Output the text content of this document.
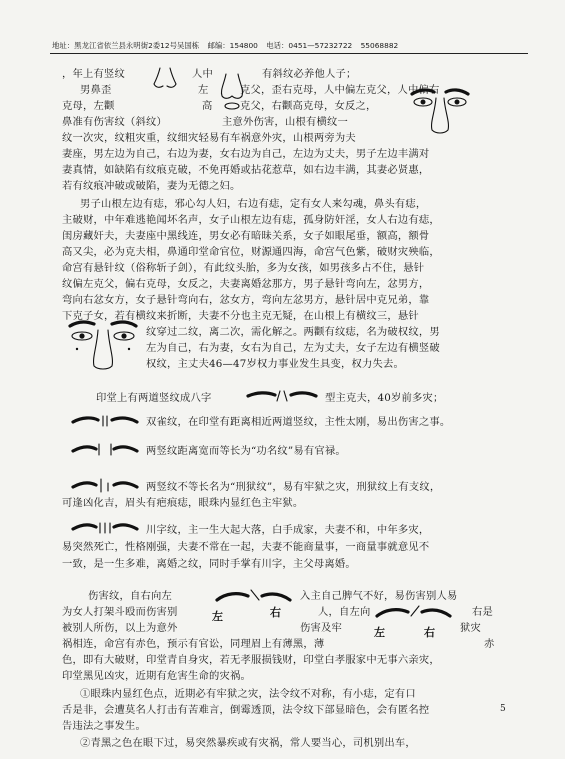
地址：黑龙江省依兰县永明街2委12号吴国栋 邮编：154800 电话：0451—57232722 55068882
，年上有竖纹	人中	有斜纹必养他人子；
男鼻歪	左	克父，歪右克母，人中偏左克父，人中偏右
克母，左颧	高	克父，右颧高克母，女反之，
鼻准有伤害纹（斜纹）	主意外伤害，山根有横纹一
纹一次灾，纹粗灾重，纹细灾轻易有车祸意外灾，山根两旁为夫
妻座，男左边为自己，右边为妻，女右边为自己，左边为丈夫，男子左边丰满对
妻真情，如缺陷有纹痕克破，不免再婚或拈花惹草，如右边丰满，其妻必贤惠，
若有纹痕冲破或破陷，妻为无德之妇。
男子山根左边有痣，邪心勾人妇，右边有痣，定有女人来勾魂，鼻头有痣，
主破财，中年难逃艳闻坏名声，女子山根左边有痣，孤身防奸淫，女人右边有痣，
闺房藏奸夫，夫妻座中黑线连，男女必有暗昧关系，女子如眼尾垂，额高，额骨
高又尖，必为克夫相，鼻通印堂命官位，财源通四海，命宫气色紫，破财灾殃临，
命宫有悬针纹（俗称斩子剑），有此纹头胎，多为女孩，如男孩多占不住，悬针
纹偏左克父，偏右克母，女反之，夫妻离婚忿那方，男子悬针弯向左，忿男方，
弯向右忿女方，女子悬针弯向右，忿女方，弯向左忿男方，悬针居中克兄弟，靠
下克子女，若有横纹来折断，夫妻不分也主克无疑，在山根上有横纹三，悬针
纹穿过二纹，离二次，需化解之。两颧有纹痣，名为破权纹，男
左为自己，右为妻，女右为自己，左为丈夫，女子左边有横竖破
权纹，主丈夫46—47岁权力事业发生具变，权力失去。
印堂上有两道竖纹成八字	型主克夫，40岁前多灾；
双雀纹，在印堂有距离相近两道竖纹，主性太刚，易出伤害之事。
两竖纹距离宽而等长为“功名纹”易有官禄。
两竖纹不等长名为“刑狱纹”，易有牢狱之灾，刑狱纹上有支纹，
可逢凶化吉，眉头有疤痕痣，眼珠内显红色主牢狱。
川字纹，主一生大起大落，白手成家，夫妻不和，中年多灾，
易突然死亡，性格刚强，夫妻不常在一起，夫妻不能商量事，一商量事就意见不
一致，是一生多难，离婚之纹，同时手掌有川字，主父母离婚。
伤害纹，自右向左	入主自己脾气不好，易伤害别人易
为女人打架斗殴而伤害别	人，自左向	右是
被别人所伤，以上为意外	伤害及牢	狱灾
祸相连，命宫有赤色，预示有官讼，同理眉上有薄黑，薄	赤
色，即有大破财，印堂青自身灾，若无孝服损钱财，印堂白孝服家中无事六亲灾，
印堂黑见凶灾，近期有危害生命的灾祸。
左	右
左	右
①眼珠内显红色点，近期必有牢狱之灾，法令纹不对称，有小痣，定有口
舌是非，会遭莫名人打击有苦难言，倒霉透顶，法令纹下部显暗色，会有匿名控
告违法之事发生。
②青黑之色在眼下过，易突然暴疾或有灾祸，常人要当心，司机别出车，
5
